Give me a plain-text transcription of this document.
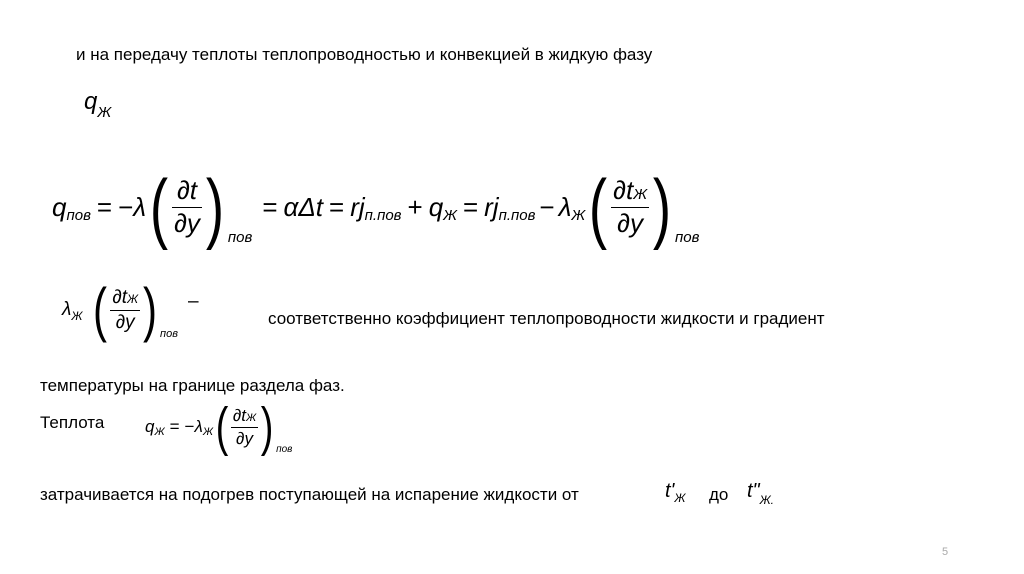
и на передачу теплоты теплопроводностью и конвекцией в жидкую фазу
$q_Ж$
q пов = − λ ( $\frac{\partial t}{\partial y}$ ) пов
= αΔt = rj п.пов + q Ж = rj п.пов − λ Ж ( $\frac{\partial tЖ}{\partial y}$ ) пов
λ Ж ( $\frac{\partial tЖ}{\partial y}$ ) пов
–
соответственно коэффициент теплопроводности жидкости и градиент
температуры на границе раздела фаз.
Теплота q Ж = − λ Ж ( $\frac{\partial tЖ}{\partial y}$ ) пов
затрачивается на подогрев поступающей на испарение жидкости от	$t'_Ж$ до $t"_{Ж.}$
5
